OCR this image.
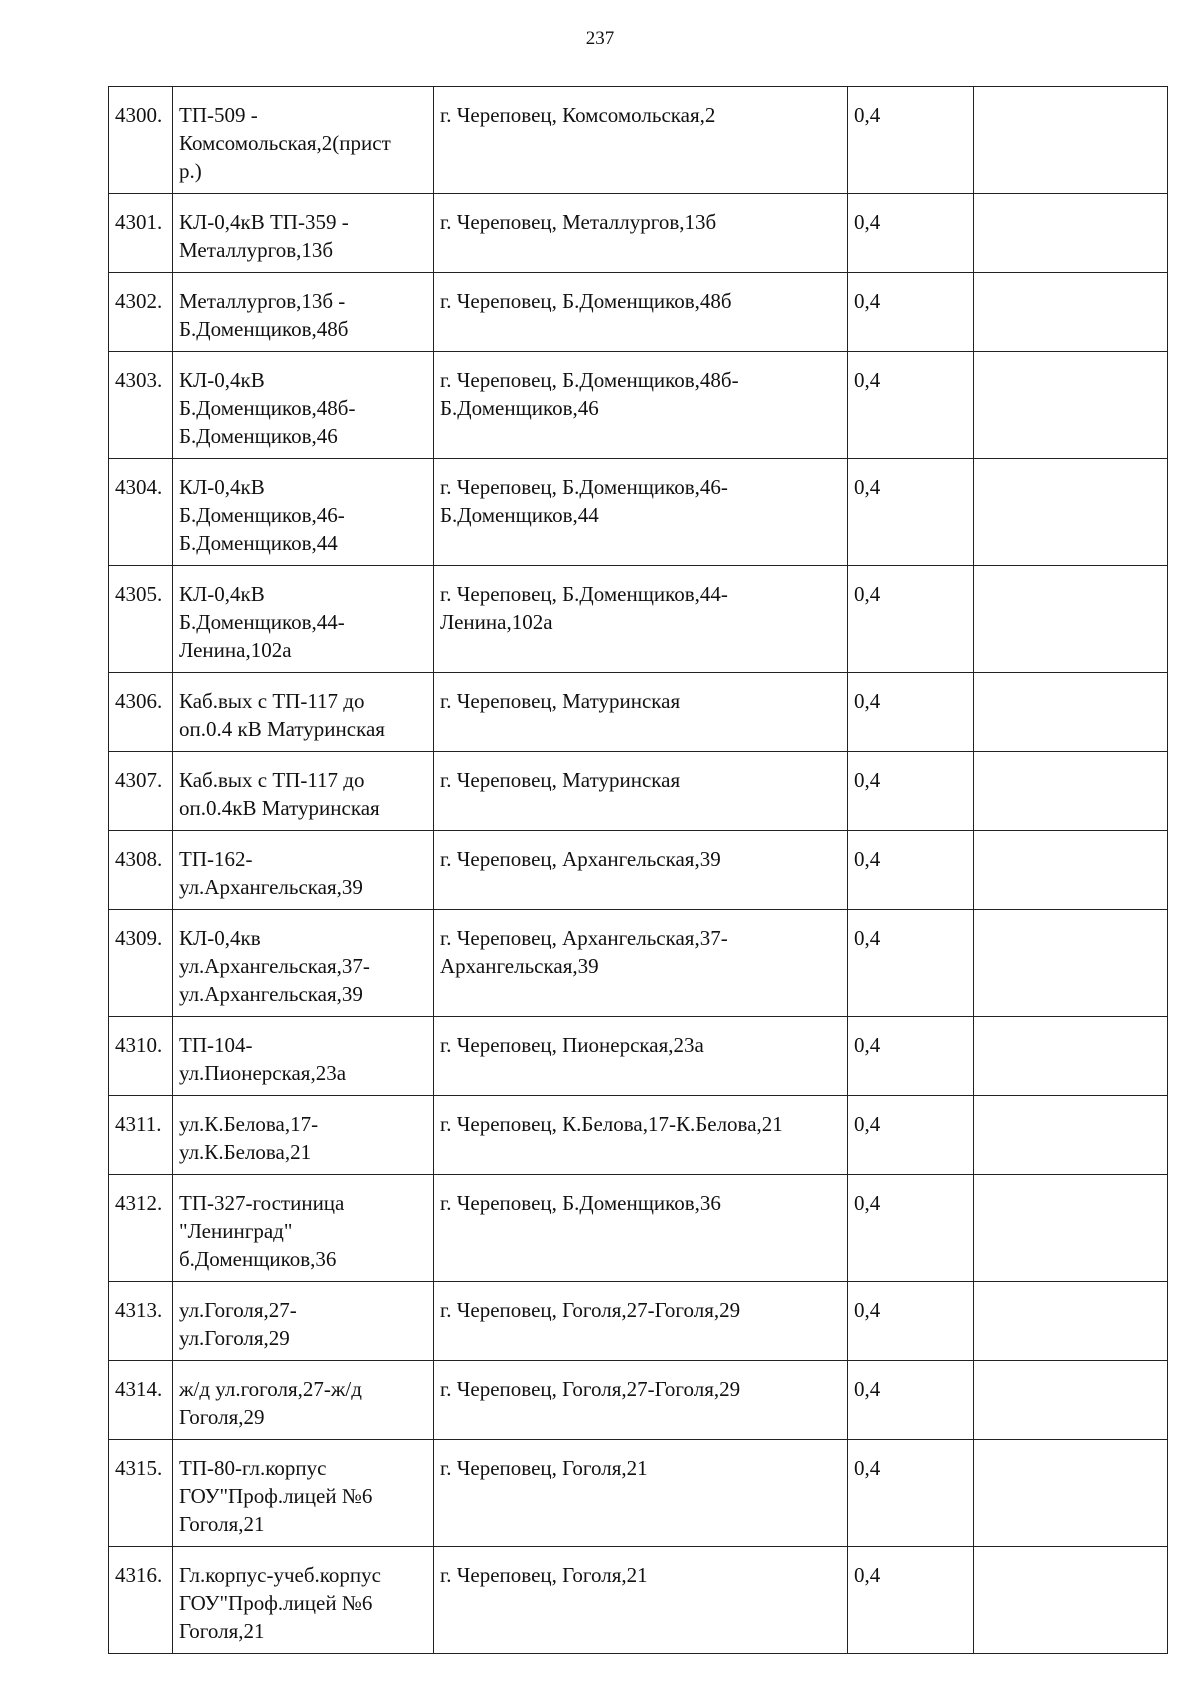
237
4300.	ТП-509 -
Комсомольская,2(прист
р.)	г. Череповец, Комсомольская,2	0,4	
4301.	КЛ-0,4кВ ТП-359 -
Металлургов,13б	г. Череповец, Металлургов,13б	0,4	
4302.	Металлургов,13б -
Б.Доменщиков,48б	г. Череповец, Б.Доменщиков,48б	0,4	
4303.	КЛ-0,4кВ
Б.Доменщиков,48б-
Б.Доменщиков,46	г. Череповец, Б.Доменщиков,48б-
Б.Доменщиков,46	0,4	
4304.	КЛ-0,4кВ
Б.Доменщиков,46-
Б.Доменщиков,44	г. Череповец, Б.Доменщиков,46-
Б.Доменщиков,44	0,4	
4305.	КЛ-0,4кВ
Б.Доменщиков,44-
Ленина,102а	г. Череповец, Б.Доменщиков,44-
Ленина,102а	0,4	
4306.	Каб.вых с ТП-117 до
оп.0.4 кВ Матуринская	г. Череповец, Матуринская	0,4	
4307.	Каб.вых с ТП-117 до
оп.0.4кВ Матуринская	г. Череповец, Матуринская	0,4	
4308.	ТП-162-
ул.Архангельская,39	г. Череповец, Архангельская,39	0,4	
4309.	КЛ-0,4кв
ул.Архангельская,37-
ул.Архангельская,39	г. Череповец, Архангельская,37-
Архангельская,39	0,4	
4310.	ТП-104-
ул.Пионерская,23а	г. Череповец, Пионерская,23а	0,4	
4311.	ул.К.Белова,17-
ул.К.Белова,21	г. Череповец, К.Белова,17-К.Белова,21	0,4	
4312.	ТП-327-гостиница
"Ленинград"
б.Доменщиков,36	г. Череповец, Б.Доменщиков,36	0,4	
4313.	ул.Гоголя,27-
ул.Гоголя,29	г. Череповец, Гоголя,27-Гоголя,29	0,4	
4314.	ж/д ул.гоголя,27-ж/д
Гоголя,29	г. Череповец, Гоголя,27-Гоголя,29	0,4	
4315.	ТП-80-гл.корпус
ГОУ"Проф.лицей №6
Гоголя,21	г. Череповец, Гоголя,21	0,4	
4316.	Гл.корпус-учеб.корпус
ГОУ"Проф.лицей №6
Гоголя,21	г. Череповец, Гоголя,21	0,4	
